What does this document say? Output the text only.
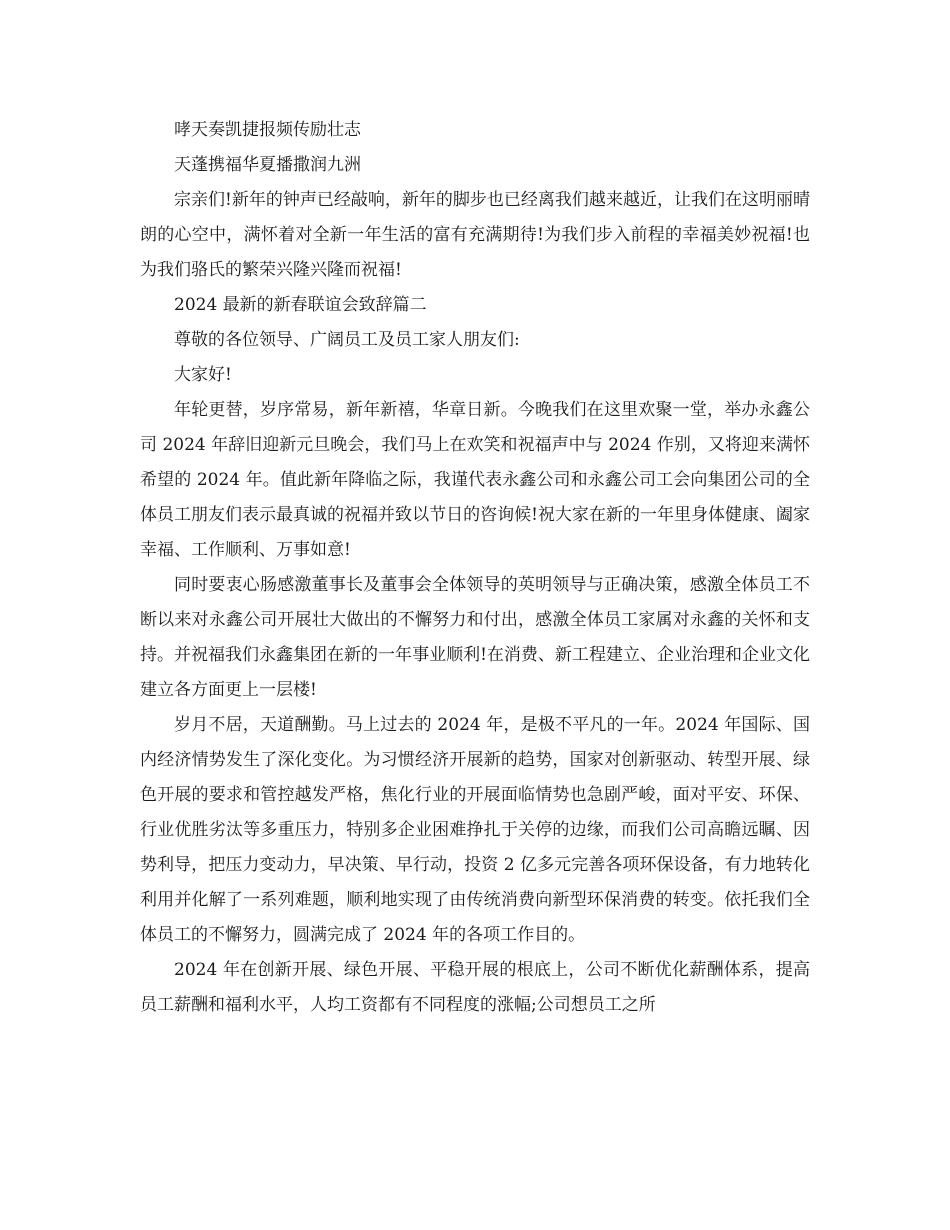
哮天奏凯捷报频传励壮志

天蓬携福华夏播撒润九洲

宗亲们!新年的钟声已经敲响，新年的脚步也已经离我们越来越近，让我们在这明丽晴朗的心空中，满怀着对全新一年生活的富有充满期待!为我们步入前程的幸福美妙祝福!也为我们骆氏的繁荣兴隆兴隆而祝福!

2024 最新的新春联谊会致辞篇二

尊敬的各位领导、广阔员工及员工家人朋友们:

大家好!

年轮更替，岁序常易，新年新禧，华章日新。今晚我们在这里欢聚一堂，举办永鑫公司 2024 年辞旧迎新元旦晚会，我们马上在欢笑和祝福声中与 2024 作别，又将迎来满怀希望的 2024 年。值此新年降临之际，我谨代表永鑫公司和永鑫公司工会向集团公司的全体员工朋友们表示最真诚的祝福并致以节日的咨询候!祝大家在新的一年里身体健康、阖家幸福、工作顺利、万事如意!

同时要衷心肠感激董事长及董事会全体领导的英明领导与正确决策，感激全体员工不断以来对永鑫公司开展壮大做出的不懈努力和付出，感激全体员工家属对永鑫的关怀和支持。并祝福我们永鑫集团在新的一年事业顺利!在消费、新工程建立、企业治理和企业文化建立各方面更上一层楼!

岁月不居，天道酬勤。马上过去的 2024 年，是极不平凡的一年。2024 年国际、国内经济情势发生了深化变化。为习惯经济开展新的趋势，国家对创新驱动、转型开展、绿色开展的要求和管控越发严格，焦化行业的开展面临情势也急剧严峻，面对平安、环保、行业优胜劣汰等多重压力，特别多企业困难挣扎于关停的边缘，而我们公司高瞻远瞩、因势利导，把压力变动力，早决策、早行动，投资 2 亿多元完善各项环保设备，有力地转化利用并化解了一系列难题，顺利地实现了由传统消费向新型环保消费的转变。依托我们全体员工的不懈努力，圆满完成了 2024 年的各项工作目的。

2024 年在创新开展、绿色开展、平稳开展的根底上，公司不断优化薪酬体系，提高员工薪酬和福利水平，人均工资都有不同程度的涨幅;公司想员工之所
